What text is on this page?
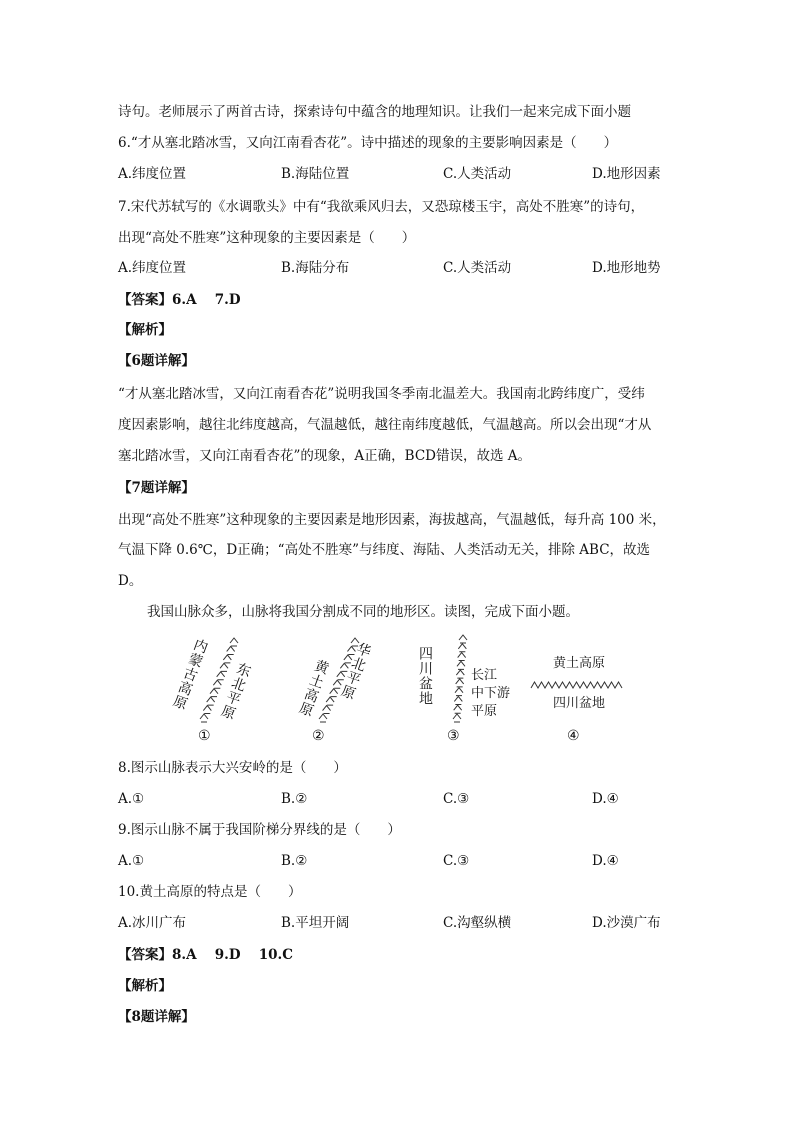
诗句。老师展示了两首古诗，探索诗句中蕴含的地理知识。让我们一起来完成下面小题
6.“才从塞北踏冰雪，又向江南看杏花”。诗中描述的现象的主要影响因素是（　　）
A.纬度位置	B.海陆位置	C.人类活动	D.地形因素
7.宋代苏轼写的《水调歌头》中有“我欲乘风归去，又恐琼楼玉宇，高处不胜寒”的诗句，
出现“高处不胜寒”这种现象的主要因素是（　　）
A.纬度位置	B.海陆分布	C.人类活动	D.地形地势
【答案】6.A　 7.D
【解析】
【6题详解】
“才从塞北踏冰雪，又向江南看杏花”说明我国冬季南北温差大。我国南北跨纬度广，受纬
度因素影响，越往北纬度越高，气温越低，越往南纬度越低，气温越高。所以会出现“才从
塞北踏冰雪，又向江南看杏花”的现象，A正确，BCD错误，故选 A。
【7题详解】
出现“高处不胜寒”这种现象的主要因素是地形因素，海拔越高，气温越低，每升高 100 米，
气温下降 0.6℃，D正确；“高处不胜寒”与纬度、海陆、人类活动无关，排除 ABC，故选
D。
我国山脉众多，山脉将我国分割成不同的地形区。读图，完成下面小题。
内蒙古高原 东北平原
①
黄土高原 华北平原
②
四川盆地	长江
中下游
平原
③
黄土高原
四川盆地
④
8.图示山脉表示大兴安岭的是（　　）
A.①	B.②	C.③	D.④
9.图示山脉不属于我国阶梯分界线的是（　　）
A.①	B.②	C.③	D.④
10.黄土高原的特点是（　　）
A.冰川广布	B.平坦开阔	C.沟壑纵横	D.沙漠广布
【答案】8.A　 9.D　 10.C
【解析】
【8题详解】
